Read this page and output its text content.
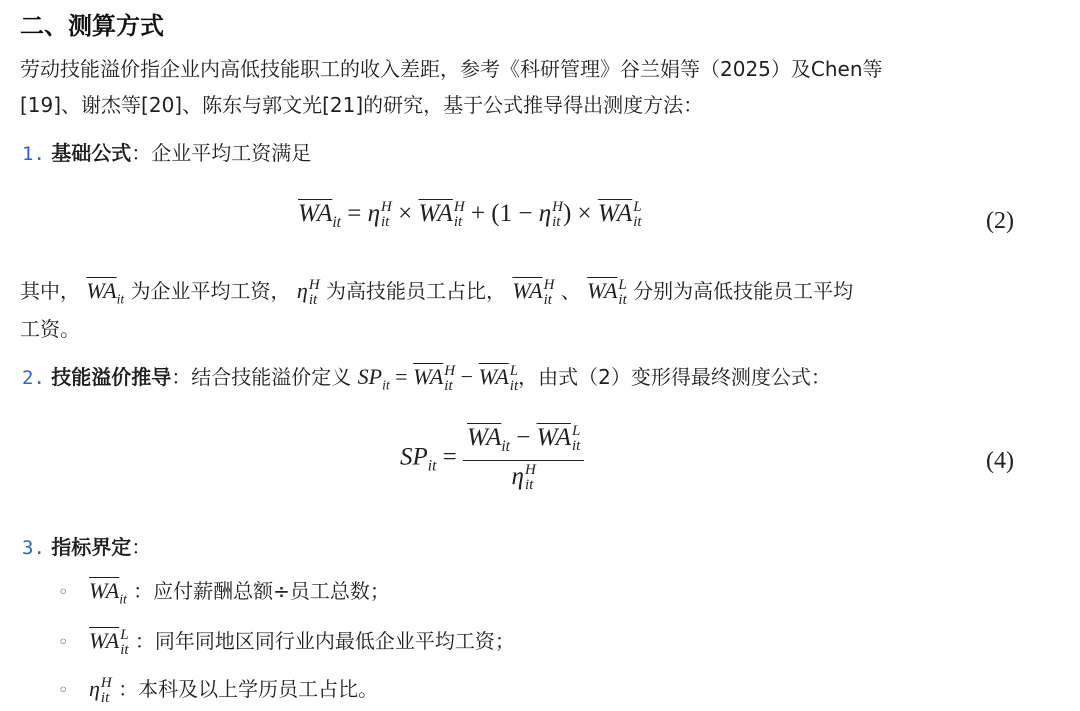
二、测算方式
劳动技能溢价指企业内高低技能职工的收入差距，参考《科研管理》谷兰娟等（2025）及Chen等
[19]、谢杰等[20]、陈东与郭文光[21]的研究，基于公式推导得出测度方法：
1. 基础公式：企业平均工资满足
$\overline{WA}_{it} = \eta$ H
it × $\overline{WA}$ H
it + (1 − η H
it ) × $\overline{WA}$ L
it	(2)
其中， $\overline{WA}_{it}$ 为企业平均工资， η H
it 为高技能员工占比， $\overline{WA}$ H
it 、 $\overline{WA}$ L
it 分别为高低技能员工平均
工资。
2. 技能溢价推导：结合技能溢价定义 $SP_{it} = \overline{WA}$ H
it − $\overline{WA}$ L
it ，由式（2）变形得最终测度公式：
$SP_{it} = \overline{WA}_{it} - \overline{WA}$ L
it
η H
it	(4)
3. 指标界定：
◦ $\overline{WA}_{it}$ ：应付薪酬总额÷员工总数；
◦ $\overline{WA}$ L
it ：同年同地区同行业内最低企业平均工资；
◦ η H
it ：本科及以上学历员工占比。
